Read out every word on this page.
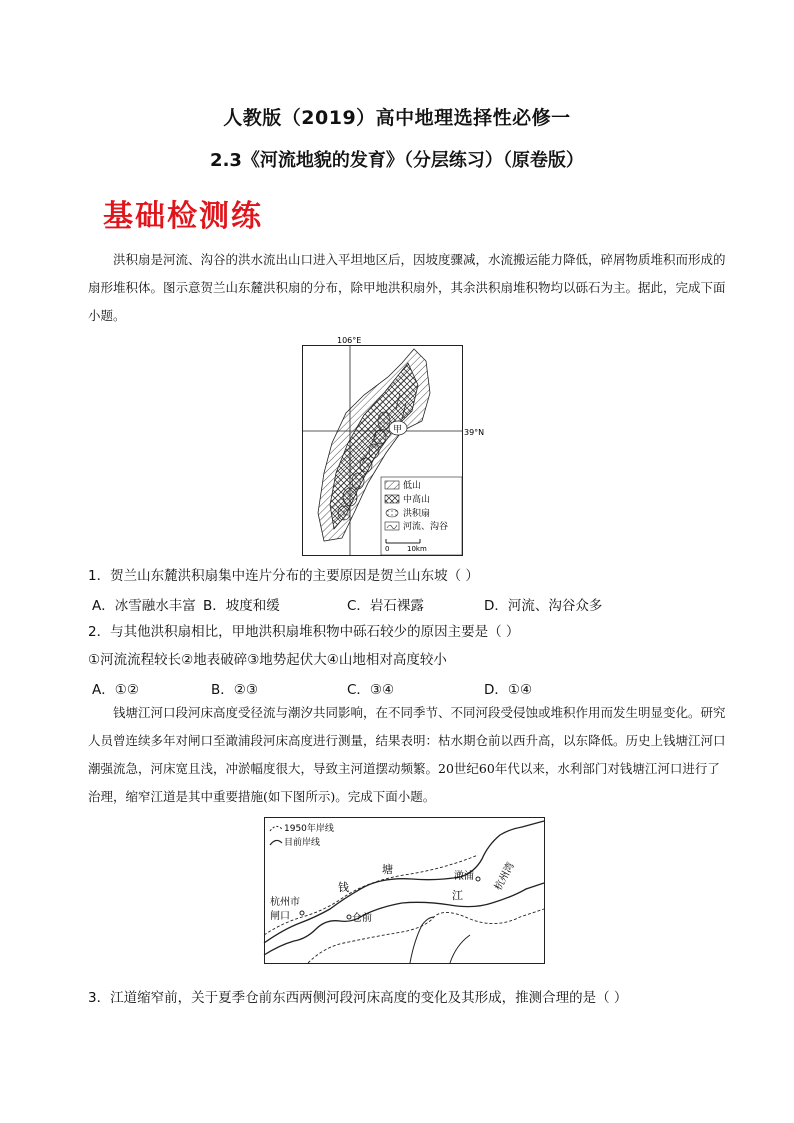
人教版（2019）高中地理选择性必修一
2.3《河流地貌的发育》（分层练习）（原卷版）
基础检测练
洪积扇是河流、沟谷的洪水流出山口进入平坦地区后，因坡度骤减，水流搬运能力降低，碎屑物质堆积而形成的扇形堆积体。图示意贺兰山东麓洪积扇的分布，除甲地洪积扇外，其余洪积扇堆积物均以砾石为主。据此，完成下面小题。
106°E
39°N
甲
低山
中高山
洪积扇
河流、沟谷
0	10km
1．贺兰山东麓洪积扇集中连片分布的主要原因是贺兰山东坡（ ）
A．冰雪融水丰富 B．坡度和缓	C．岩石裸露	D．河流、沟谷众多
2．与其他洪积扇相比，甲地洪积扇堆积物中砾石较少的原因主要是（ ）
①河流流程较长②地表破碎③地势起伏大④山地相对高度较小
A．①②	B．②③	C．③④	D．①④
钱塘江河口段河床高度受径流与潮汐共同影响，在不同季节、不同河段受侵蚀或堆积作用而发生明显变化。研究人员曾连续多年对闸口至澉浦段河床高度进行测量，结果表明：枯水期仓前以西升高，以东降低。历史上钱塘江河口潮强流急，河床宽且浅，冲淤幅度很大，导致主河道摆动频繁。20世纪60年代以来，水利部门对钱塘江河口进行了治理，缩窄江道是其中重要措施(如下图所示)。完成下面小题。
1950年岸线
目前岸线
钱
塘
江
澉浦 杭州湾
杭州市
闸口	仓前
3．江道缩窄前，关于夏季仓前东西两侧河段河床高度的变化及其形成，推测合理的是（ ）
